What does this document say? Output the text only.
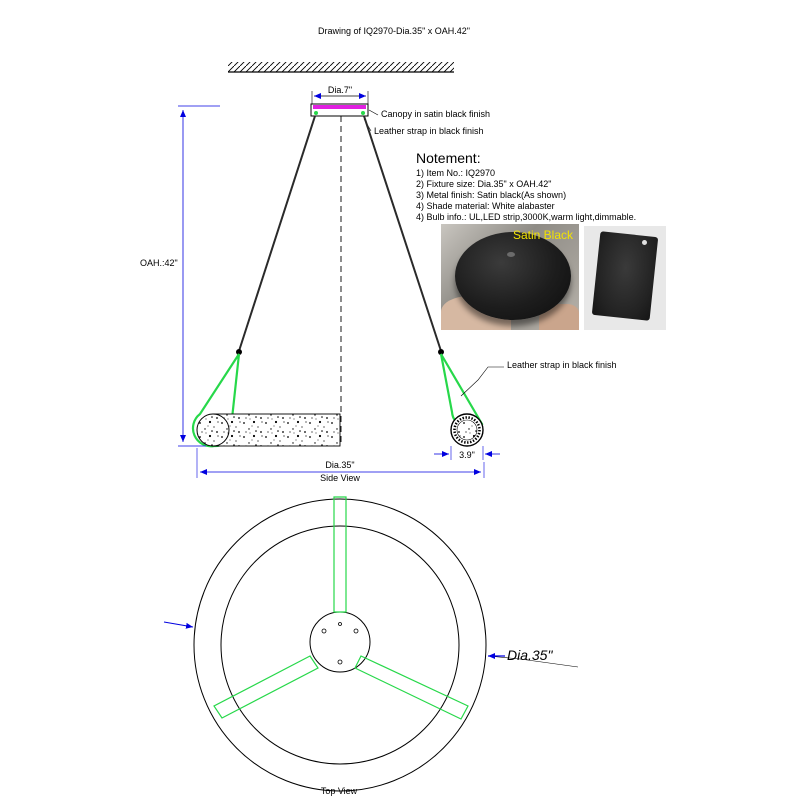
Drawing of IQ2970-Dia.35" x OAH.42"
Dia.7"
Canopy in satin black finish
Leather strap in black finish
Leather strap in black finish
OAH.:42"
3.9"
Dia.35"
Side View
Notement:
1) Item No.: IQ2970
2) Fixture size: Dia.35" x OAH.42"
3) Metal finish: Satin black(As shown)
4) Shade material: White alabaster
4) Bulb info.: UL,LED strip,3000K,warm light,dimmable.
Dia.35"
Top View
Satin Black
